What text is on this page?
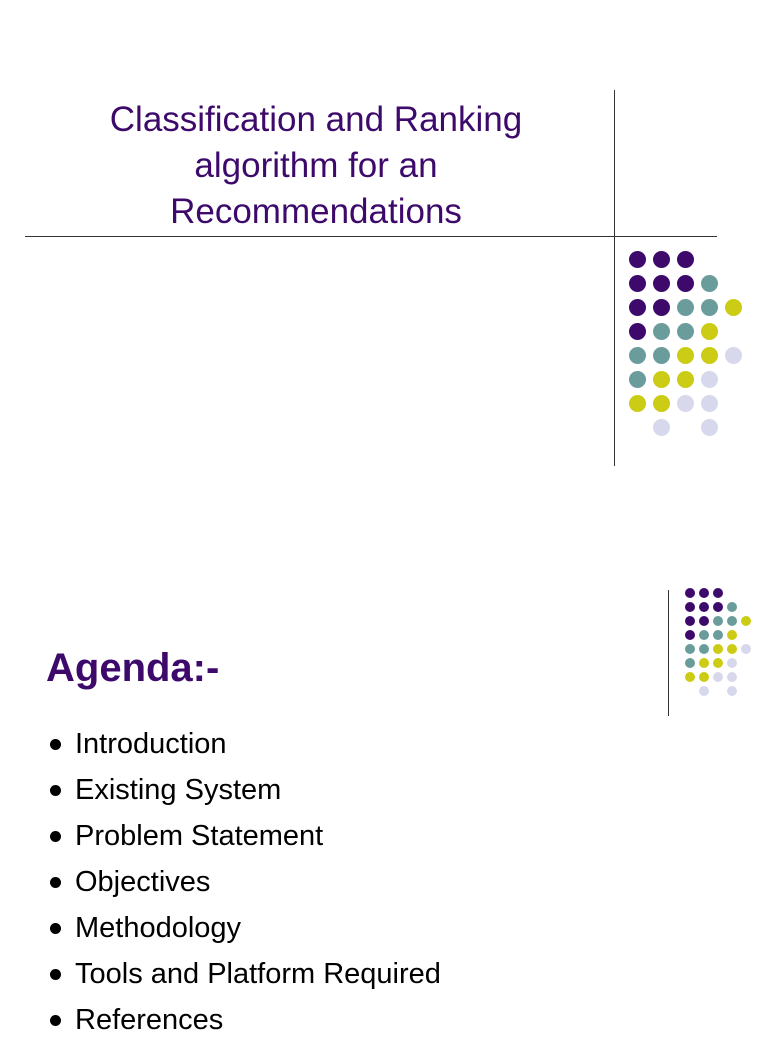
Classification and Ranking
algorithm for an
Recommendations
Agenda:-
Introduction
Existing System
Problem Statement
Objectives
Methodology
Tools and Platform Required
References
